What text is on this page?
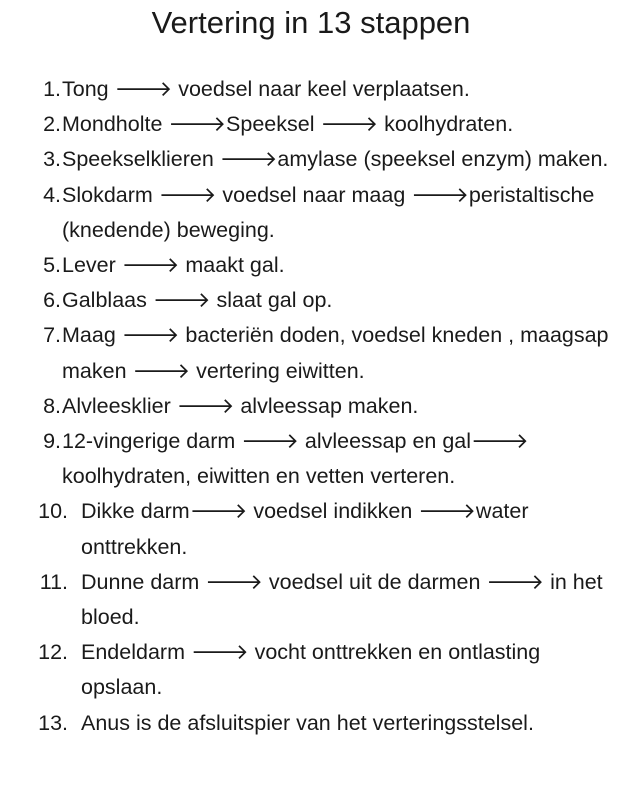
Vertering in 13 stappen
1. Tong 🡒 voedsel naar keel verplaatsen.
2. Mondholte 🡒Speeksel 🡒 koolhydraten.
3. Speekselklieren 🡒amylase (speeksel enzym) maken.
4. Slokdarm 🡒 voedsel naar maag 🡒peristaltische (knedende) beweging.
5. Lever 🡒 maakt gal.
6. Galblaas 🡒 slaat gal op.
7. Maag 🡒 bacteriën doden, voedsel kneden , maagsap maken 🡒 vertering eiwitten.
8. Alvleesklier 🡒 alvleessap maken.
9. 12-vingerige darm 🡒 alvleessap en gal🡒 koolhydraten, eiwitten en vetten verteren.
10. Dikke darm🡒 voedsel indikken 🡒water onttrekken.
11. Dunne darm 🡒 voedsel uit de darmen 🡒 in het bloed.
12. Endeldarm 🡒 vocht onttrekken en ontlasting opslaan.
13. Anus is de afsluitspier van het verteringsstelsel.
